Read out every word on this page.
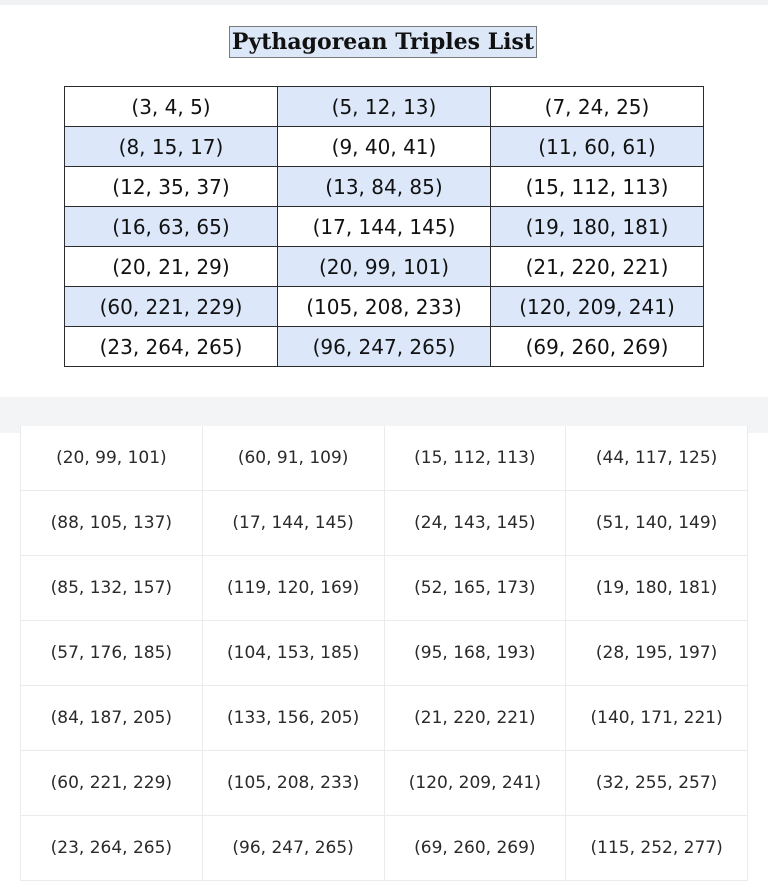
Pythagorean Triples List
(3, 4, 5)	(5, 12, 13)	(7, 24, 25)
(8, 15, 17)	(9, 40, 41)	(11, 60, 61)
(12, 35, 37)	(13, 84, 85)	(15, 112, 113)
(16, 63, 65)	(17, 144, 145)	(19, 180, 181)
(20, 21, 29)	(20, 99, 101)	(21, 220, 221)
(60, 221, 229)	(105, 208, 233)	(120, 209, 241)
(23, 264, 265)	(96, 247, 265)	(69, 260, 269)
(20, 99, 101)	(60, 91, 109)	(15, 112, 113)	(44, 117, 125)
(88, 105, 137)	(17, 144, 145)	(24, 143, 145)	(51, 140, 149)
(85, 132, 157)	(119, 120, 169)	(52, 165, 173)	(19, 180, 181)
(57, 176, 185)	(104, 153, 185)	(95, 168, 193)	(28, 195, 197)
(84, 187, 205)	(133, 156, 205)	(21, 220, 221)	(140, 171, 221)
(60, 221, 229)	(105, 208, 233)	(120, 209, 241)	(32, 255, 257)
(23, 264, 265)	(96, 247, 265)	(69, 260, 269)	(115, 252, 277)
